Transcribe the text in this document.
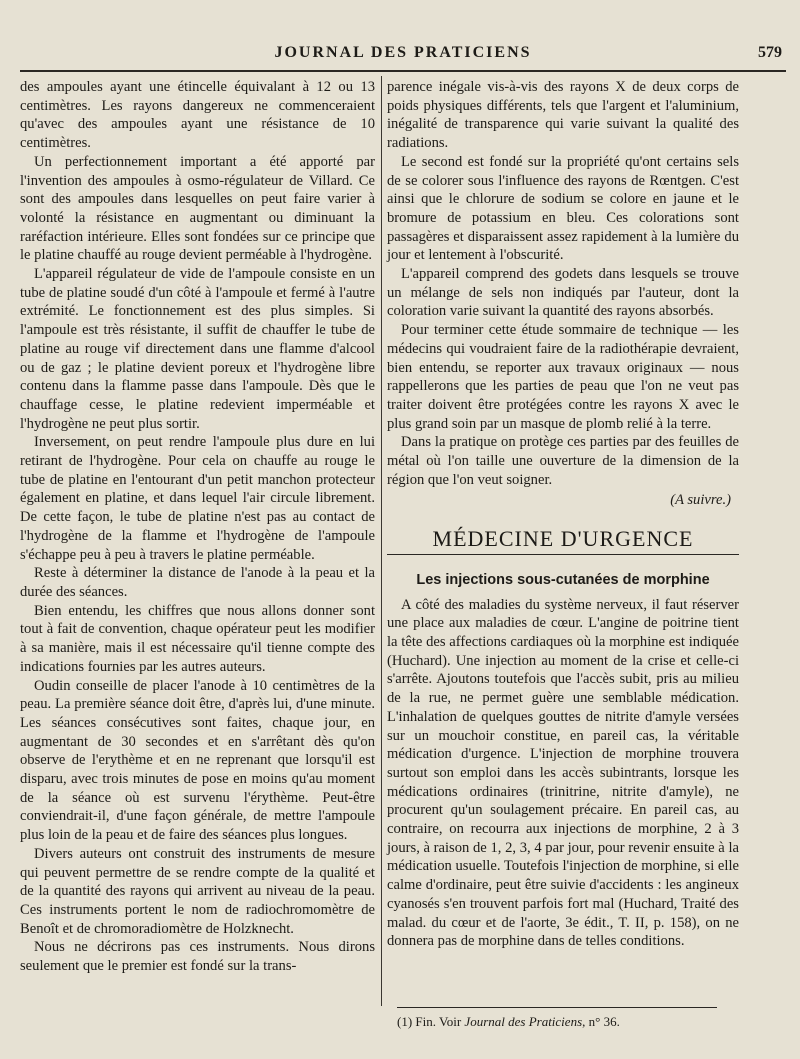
JOURNAL DES PRATICIENS	579

des ampoules ayant une étincelle équivalant à 12 ou 13 centimètres. Les rayons dangereux ne commenceraient qu'avec des ampoules ayant une résistance de 10 centimètres.

Un perfectionnement important a été apporté par l'invention des ampoules à osmo-régulateur de Villard. Ce sont des ampoules dans lesquelles on peut faire varier à volonté la résistance en augmentant ou diminuant la raréfaction intérieure. Elles sont fondées sur ce principe que le platine chauffé au rouge devient perméable à l'hydrogène.

L'appareil régulateur de vide de l'ampoule consiste en un tube de platine soudé d'un côté à l'ampoule et fermé à l'autre extrémité. Le fonctionnement est des plus simples. Si l'ampoule est très résistante, il suffit de chauffer le tube de platine au rouge vif directement dans une flamme d'alcool ou de gaz ; le platine devient poreux et l'hydrogène libre contenu dans la flamme passe dans l'ampoule. Dès que le chauffage cesse, le platine redevient imperméable et l'hydrogène ne peut plus sortir.

Inversement, on peut rendre l'ampoule plus dure en lui retirant de l'hydrogène. Pour cela on chauffe au rouge le tube de platine en l'entourant d'un petit manchon protecteur également en platine, et dans lequel l'air circule librement. De cette façon, le tube de platine n'est pas au contact de l'hydrogène de la flamme et l'hydrogène de l'ampoule s'échappe peu à peu à travers le platine perméable.

Reste à déterminer la distance de l'anode à la peau et la durée des séances.

Bien entendu, les chiffres que nous allons donner sont tout à fait de convention, chaque opérateur peut les modifier à sa manière, mais il est nécessaire qu'il tienne compte des indications fournies par les autres auteurs.

Oudin conseille de placer l'anode à 10 centimètres de la peau. La première séance doit être, d'après lui, d'une minute. Les séances consécutives sont faites, chaque jour, en augmentant de 30 secondes et en s'arrêtant dès qu'on observe de l'erythème et en ne reprenant que lorsqu'il est disparu, avec trois minutes de pose en moins qu'au moment de la séance où est survenu l'érythème. Peut-être conviendrait-il, d'une façon générale, de mettre l'ampoule plus loin de la peau et de faire des séances plus longues.

Divers auteurs ont construit des instruments de mesure qui peuvent permettre de se rendre compte de la qualité et de la quantité des rayons qui arrivent au niveau de la peau. Ces instruments portent le nom de radiochromomètre de Benoît et de chromoradiomètre de Holzknecht.

Nous ne décrirons pas ces instruments. Nous dirons seulement que le premier est fondé sur la trans-

parence inégale vis-à-vis des rayons X de deux corps de poids physiques différents, tels que l'argent et l'aluminium, inégalité de transparence qui varie suivant la qualité des radiations.

Le second est fondé sur la propriété qu'ont certains sels de se colorer sous l'influence des rayons de Rœntgen. C'est ainsi que le chlorure de sodium se colore en jaune et le bromure de potassium en bleu. Ces colorations sont passagères et disparaissent assez rapidement à la lumière du jour et lentement à l'obscurité.

L'appareil comprend des godets dans lesquels se trouve un mélange de sels non indiqués par l'auteur, dont la coloration varie suivant la quantité des rayons absorbés.

Pour terminer cette étude sommaire de technique — les médecins qui voudraient faire de la radiothérapie devraient, bien entendu, se reporter aux travaux originaux — nous rappellerons que les parties de peau que l'on ne veut pas traiter doivent être protégées contre les rayons X avec le plus grand soin par un masque de plomb relié à la terre.

Dans la pratique on protège ces parties par des feuilles de métal où l'on taille une ouverture de la dimension de la région que l'on veut soigner.

(A suivre.)
MÉDECINE D'URGENCE
Les injections sous-cutanées de morphine

A côté des maladies du système nerveux, il faut réserver une place aux maladies de cœur. L'angine de poitrine tient la tête des affections cardiaques où la morphine est indiquée (Huchard). Une injection au moment de la crise et celle-ci s'arrête. Ajoutons toutefois que l'accès subit, pris au milieu de la rue, ne permet guère une semblable médication. L'inhalation de quelques gouttes de nitrite d'amyle versées sur un mouchoir constitue, en pareil cas, la véritable médication d'urgence. L'injection de morphine trouvera surtout son emploi dans les accès subintrants, lorsque les médications ordinaires (trinitrine, nitrite d'amyle), ne procurent qu'un soulagement précaire. En pareil cas, au contraire, on recourra aux injections de morphine, 2 à 3 jours, à raison de 1, 2, 3, 4 par jour, pour revenir ensuite à la médication usuelle. Toutefois l'injection de morphine, si elle calme d'ordinaire, peut être suivie d'accidents : les angineux cyanosés s'en trouvent parfois fort mal (Huchard, Traité des malad. du cœur et de l'aorte, 3e édit., T. II, p. 158), on ne donnera pas de morphine dans de telles conditions.

(1) Fin. Voir Journal des Praticiens, n° 36.
